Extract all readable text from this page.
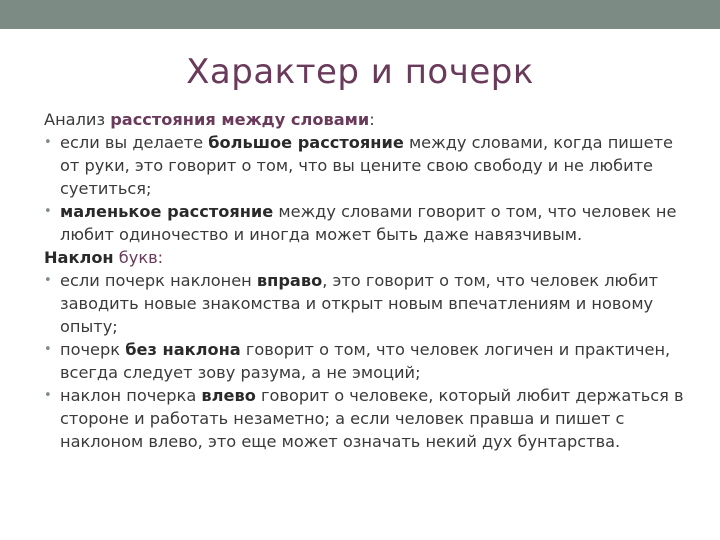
Характер и почерк

Анализ расстояния между словами:

• если вы делаете большое расстояние между словами, когда пишете от руки, это говорит о том, что вы цените свою свободу и не любите суетиться;
• маленькое расстояние между словами говорит о том, что человек не любит одиночество и иногда может быть даже навязчивым.

Наклон букв:

• если почерк наклонен вправо, это говорит о том, что человек любит заводить новые знакомства и открыт новым впечатлениям и новому опыту;
• почерк без наклона говорит о том, что человек логичен и практичен, всегда следует зову разума, а не эмоций;
• наклон почерка влево говорит о человеке, который любит держаться в стороне и работать незаметно; а если человек правша и пишет с наклоном влево, это еще может означать некий дух бунтарства.
